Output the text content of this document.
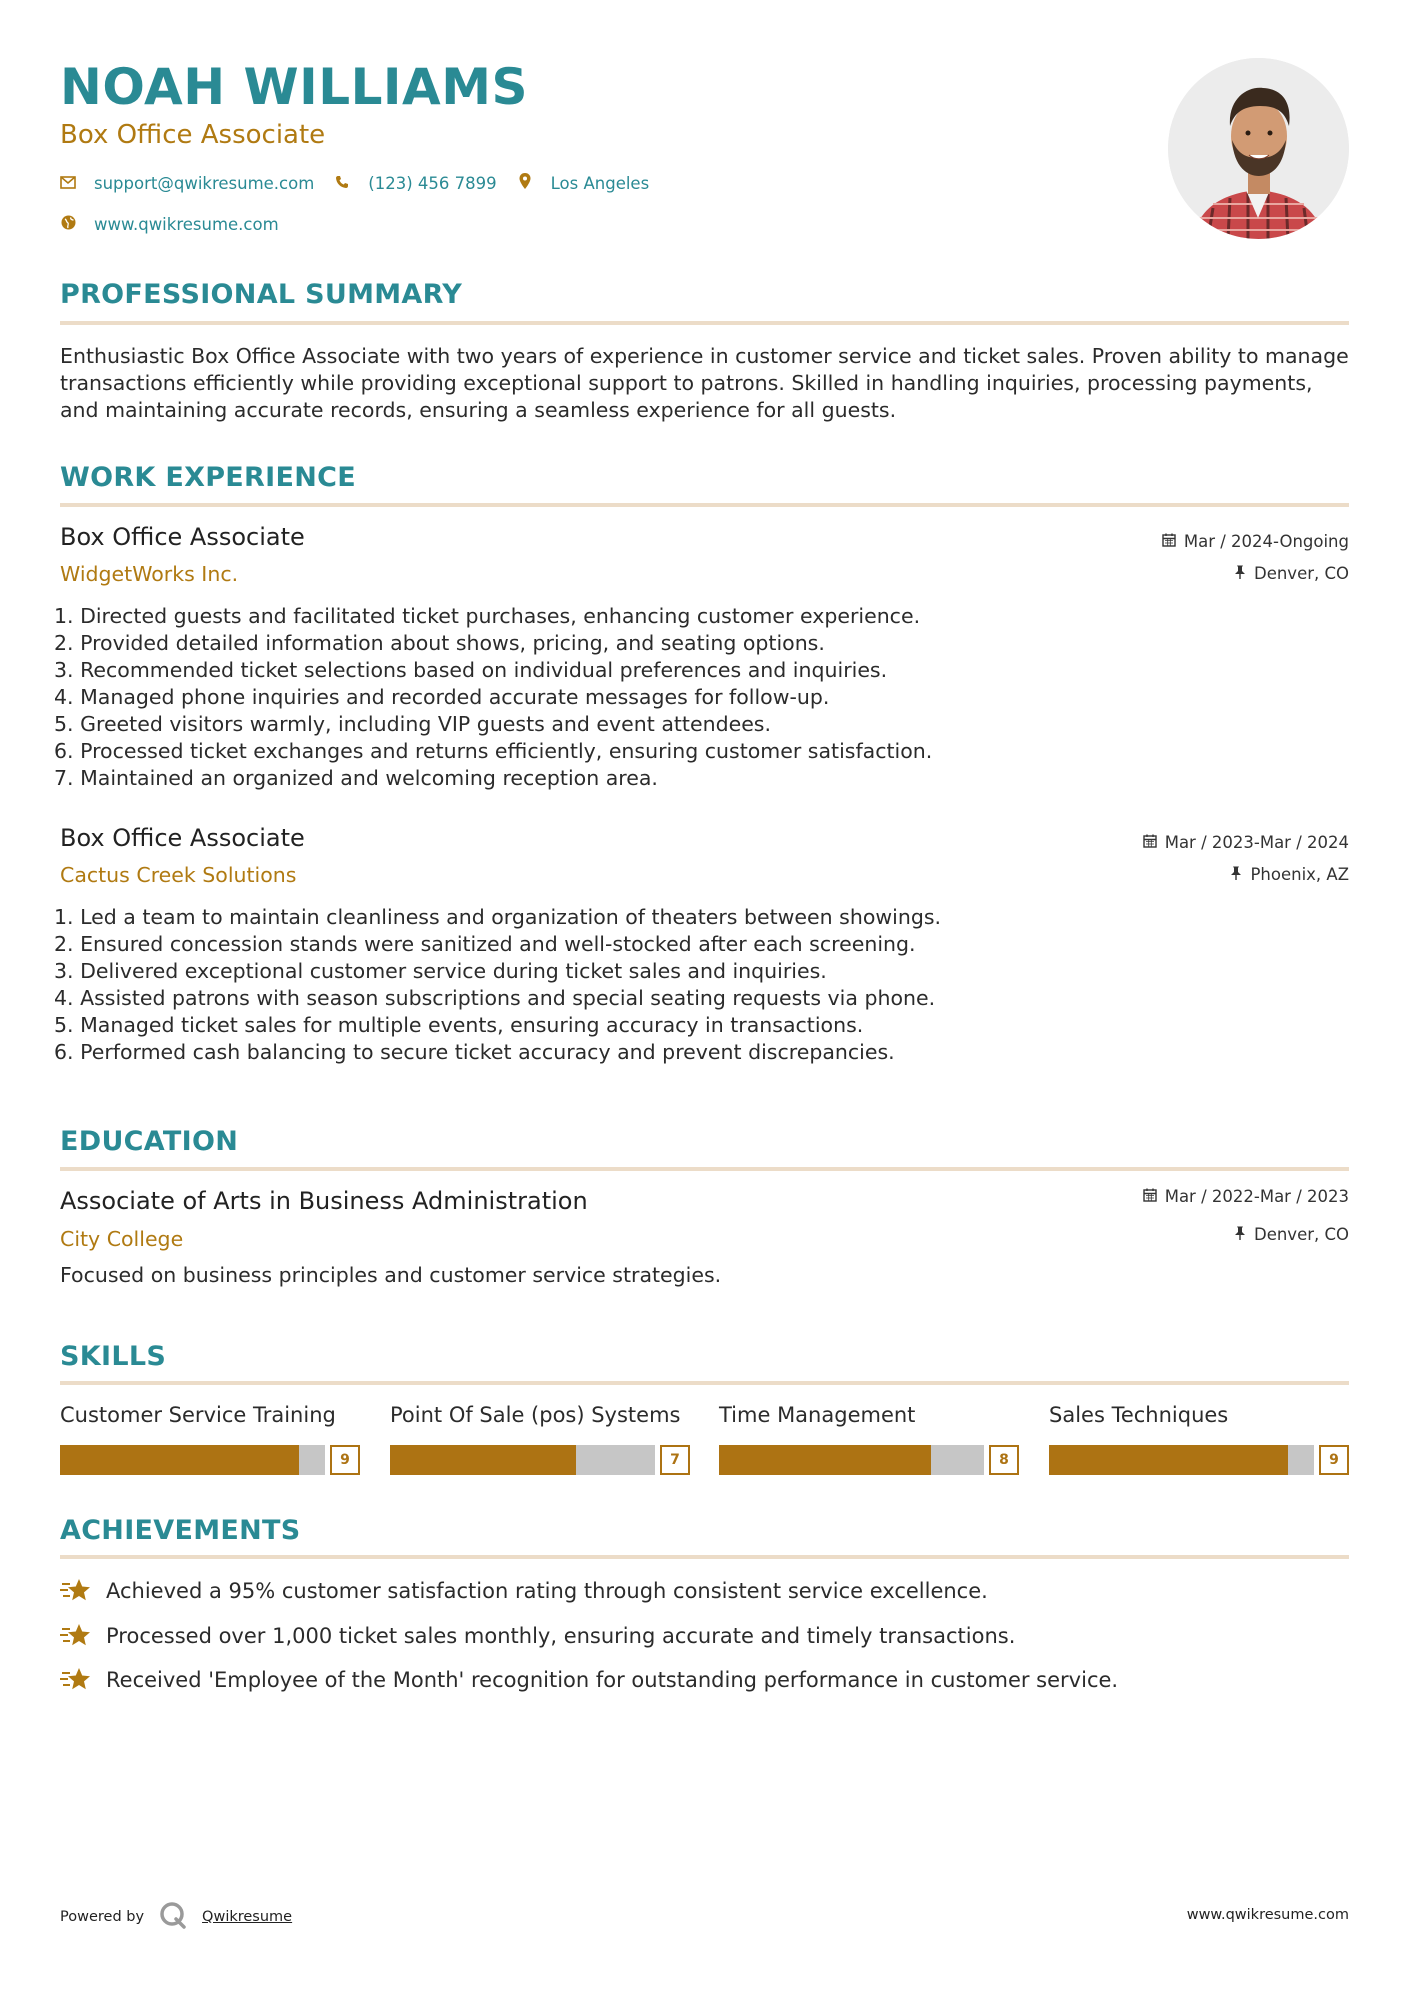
NOAH WILLIAMS
Box Office Associate
support@qwikresume.com	(123) 456 7899	Los Angeles
www.qwikresume.com
PROFESSIONAL SUMMARY
Enthusiastic Box Office Associate with two years of experience in customer service and ticket sales. Proven ability to manage transactions efficiently while providing exceptional support to patrons. Skilled in handling inquiries, processing payments, and maintaining accurate records, ensuring a seamless experience for all guests.
WORK EXPERIENCE
Box Office Associate
WidgetWorks Inc.
Mar / 2024-Ongoing
Denver, CO
1. Directed guests and facilitated ticket purchases, enhancing customer experience.
2. Provided detailed information about shows, pricing, and seating options.
3. Recommended ticket selections based on individual preferences and inquiries.
4. Managed phone inquiries and recorded accurate messages for follow-up.
5. Greeted visitors warmly, including VIP guests and event attendees.
6. Processed ticket exchanges and returns efficiently, ensuring customer satisfaction.
7. Maintained an organized and welcoming reception area.
Box Office Associate
Cactus Creek Solutions
Mar / 2023-Mar / 2024
Phoenix, AZ
1. Led a team to maintain cleanliness and organization of theaters between showings.
2. Ensured concession stands were sanitized and well-stocked after each screening.
3. Delivered exceptional customer service during ticket sales and inquiries.
4. Assisted patrons with season subscriptions and special seating requests via phone.
5. Managed ticket sales for multiple events, ensuring accuracy in transactions.
6. Performed cash balancing to secure ticket accuracy and prevent discrepancies.
EDUCATION
Associate of Arts in Business Administration
City College
Mar / 2022-Mar / 2023
Denver, CO
Focused on business principles and customer service strategies.
SKILLS
Customer Service Training
9
Point Of Sale (pos) Systems
7
Time Management
8
Sales Techniques
9
ACHIEVEMENTS
Achieved a 95% customer satisfaction rating through consistent service excellence.
Processed over 1,000 ticket sales monthly, ensuring accurate and timely transactions.
Received 'Employee of the Month' recognition for outstanding performance in customer service.
Powered by	Qwikresume	www.qwikresume.com
